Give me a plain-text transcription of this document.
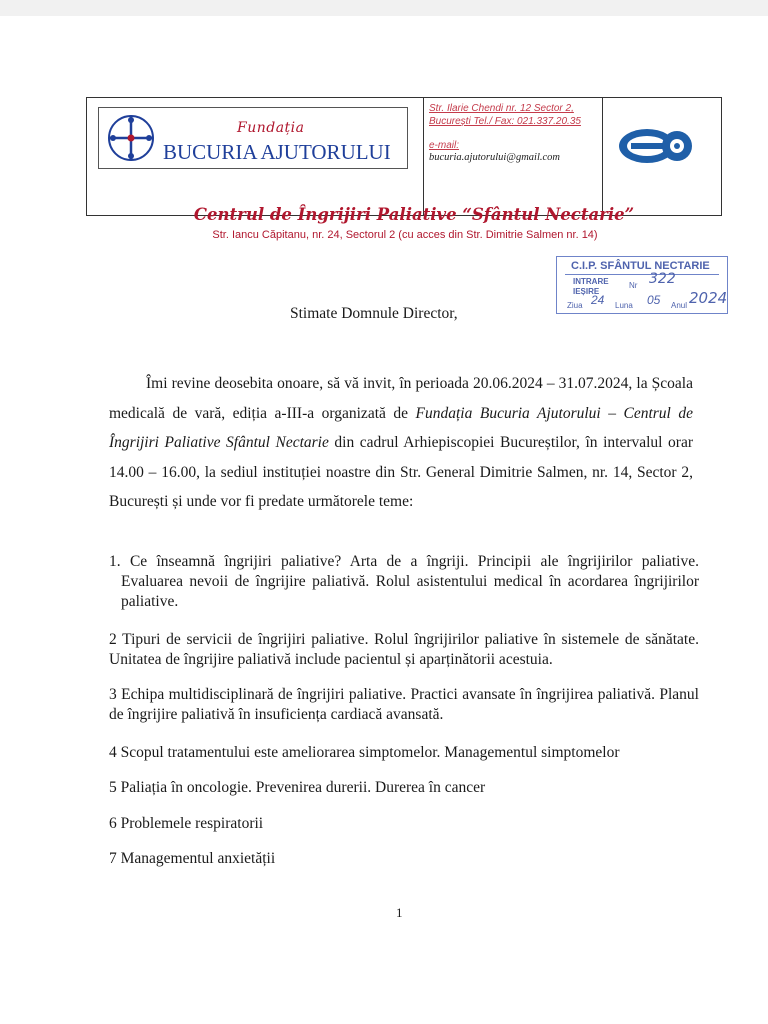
Fundația
BUCURIA AJUTORULUI
Str. Ilarie Chendi nr. 12 Sector 2, București Tel./ Fax: 021.337.20.35
e-mail:
bucuria.ajutorului@gmail.com
Centrul de Îngrijiri Paliative “Sfântul Nectarie”
Str. Iancu Căpitanu, nr. 24, Sectorul 2 (cu acces din Str. Dimitrie Salmen nr. 14)
C.I.P. SFÂNTUL NECTARIE
INTRARE
IEȘIRE
Nr 322
Ziua 24 Luna 05 Anul 2024
Stimate Domnule Director,
Îmi revine deosebita onoare, să vă invit, în perioada 20.06.2024 – 31.07.2024, la Școala medicală de vară, ediția a-III-a organizată de Fundația Bucuria Ajutorului – Centrul de Îngrijiri Paliative Sfântul Nectarie din cadrul Arhiepiscopiei Bucureștilor, în intervalul orar 14.00 – 16.00, la sediul instituției noastre din Str. General Dimitrie Salmen, nr. 14, Sector 2, București și unde vor fi predate următorele teme:
1. Ce înseamnă îngrijiri paliative? Arta de a îngriji. Principii ale îngrijirilor paliative. Evaluarea nevoii de îngrijire paliativă. Rolul asistentului medical în acordarea îngrijirilor paliative.
2 Tipuri de servicii de îngrijiri paliative. Rolul îngrijirilor paliative în sistemele de sănătate. Unitatea de îngrijire paliativă include pacientul și aparținătorii acestuia.
3 Echipa multidisciplinară de îngrijiri paliative. Practici avansate în îngrijirea paliativă. Planul de îngrijire paliativă în insuficiența cardiacă avansată.
4 Scopul tratamentului este ameliorarea simptomelor. Managementul simptomelor
5 Paliația în oncologie. Prevenirea durerii. Durerea în cancer
6 Problemele respiratorii
7 Managementul anxietății
1
